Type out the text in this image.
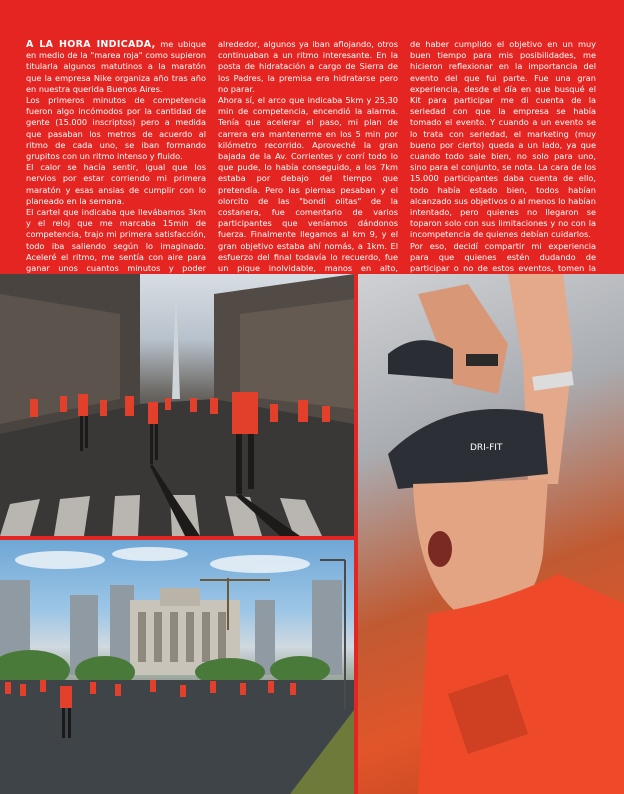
A LA HORA INDICADA, me ubique en medio de la "marea roja" como supieron titularla algunos matutinos a la maratón que la empresa Nike organiza año tras año en nuestra querida Buenos Aires.

Los primeros minutos de competencia fueron algo incómodos por la cantidad de gente (15.000 inscriptos) pero a medida que pasaban los metros de acuerdo al ritmo de cada uno, se iban formando grupitos con un ritmo intenso y fluido.

El calor se hacía sentir, igual que los nervios por estar corriendo mi primera maratón y esas ansias de cumplir con lo planeado en la semana.

El cartel que indicaba que llevábamos 3km y el reloj que me marcaba 15min de competencia, trajo mi primera satisfacción, todo iba saliendo según lo imaginado. Aceleré el ritmo, me sentía con aire para ganar unos cuantos minutos y poder

alrededor, algunos ya iban aflojando, otros continuaban a un ritmo interesante. En la posta de hidratación a cargo de Sierra de los Padres, la premisa era hidratarse pero no parar.

Ahora sí, el arco que indicaba 5km y 25,30 min de competencia, encendió la alarma. Tenía que acelerar el paso, mi plan de carrera era mantenerme en los 5 min por kilómetro recorrido. Aproveché la gran bajada de la Av. Corrientes y corrí todo lo que pude, lo había conseguido, a los 7km estaba por debajo del tiempo que pretendía. Pero las piernas pesaban y el olorcito de las "bondi olitas" de la costanera, fue comentario de varios participantes que veníamos dándonos fuerza. Finalmente llegamos al km 9, y el gran objetivo estaba ahí nomás, a 1km. El esfuerzo del final todavía lo recuerdo, fue un pique inolvidable, manos en alto,

de haber cumplido el objetivo en un muy buen tiempo para mis posibilidades, me hicieron reflexionar en la importancia del evento del que fui parte. Fue una gran experiencia, desde el día en que busqué el Kit para participar me di cuenta de la seriedad con que la empresa se había tomado el evento. Y cuando a un evento se lo trata con seriedad, el marketing (muy bueno por cierto) queda a un lado, ya que cuando todo sale bien, no solo para uno, sino para el conjunto, se nota. La cara de los 15.000 participantes daba cuenta de ello, todo había estado bien, todos habían alcanzado sus objetivos o al menos lo habían intentado, pero quienes no llegaron se toparon solo con sus limitaciones y no con la incompetencia de quienes debían cuidarlos.

Por eso, decidí compartir mi experiencia para que quienes estén dudando de participar o no de estos eventos, tomen la

DRI-FIT
